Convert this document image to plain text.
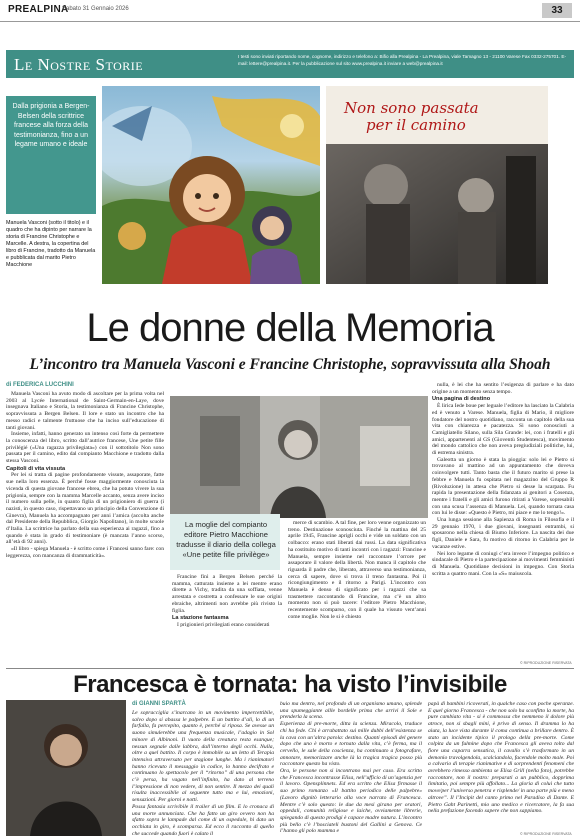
PREALPINA
Sabato 31 Gennaio 2026	33
Le Nostre Storie	I testi sono inviati riportando nome, cognome, indirizzo e telefono a: Bifio alla Prealpina - La Prealpina, viale Tamagno 13 - 21100 Varese Fax 0332-275701. E-mail: lettere@prealpina.it. Per la pubblicazione sul sito www.prealpina.it inviare a web@prealpina.it

Dalla prigionia a Bergen-Belsen della scrittrice francese alla forza della testimonianza, fino a un legame umano e ideale

Manuela Vasconi (sotto il titolo) e il quadro che ha dipinto per narrare la storia di Francine Christophe e Marcelle. A destra, la copertina del libro di Francine, tradotto da Manuela e pubblicata dal marito Pietro Macchione
Non sono passata
per il camino
Le donne della Memoria
L’incontro tra Manuela Vasconi e Francine Christophe, sopravvissuta alla Shoah
di FEDERICA LUCCHINI

Manuela Vasconi ha avuto modo di ascoltare per la prima volta nel 2003 al Lycée International de Saint-Germain-en-Laye, dove insegnava Italiano e Storia, la testimonianza di Francine Christophe, sopravvissuta a Bergen Belsen. Il lore e stato un incontro che ha messo radici e talmente fruttuose che ha inciso sull’educazione di tanti giovani.

Insieme, infatti, hanno generato un intenso così forte da permettere la conoscenza del libro, scritto dall’autrice francese, Une petite fille privilégié («Una ragazza privilegiata») con il sottotitolo Non sono passata per il camino, edito dal compianto Macchione e tradotto dalla stessa Vasconi.

Capitoli di vita vissuta

Per lei si tratta di pagine profondamente vissute, assaporate, fatte sue nella loro essenza. È perché fosse maggiormente conosciuta la vicenda di questa giovane francese ebrea, che ha potuto vivere la sua prigionia, sempre con la mamma Marcelle accanto, senza avere inciso il numero sulla pelle, in quanto figlia di un prigioniero di guerra (i nazisti, in questo caso, rispettavano un principio della Convenzione di Ginevra), Manuela ha accompagnato per anni l’amica (accolta anche dal Presidente della Repubblica, Giorgio Napolitano), in molte scuole d’Italia. La scrittrice ha parlato della sua esperienza ai ragazzi, fino a quando è stata in grado di testimoniare (è mancata l’anno scorso, all’età di 92 anni).

«Il libro - spiega Manuela - è scritto come i Francesi sanno fare: con leggerezza, con mancanza di drammaticità».

La moglie del compianto editore Pietro Macchione tradusse il diario della collega «Une petite fille privilège»

Francine finì a Bergen Belsen perché la mamma, catturata insieme a lei mentre erano dirette a Vichy, tradita da una soffiata, venne arrestata e costretta a confessare le sue origini ebraiche, altrimenti non avrebbe più rivisto la figlia.

La stazione fantasma

I prigionieri privilegiati erano considerati

merce di scambio. A tal fine, per loro venne organizzato un treno. Destinazione sconosciuta. Finché la mattina del 25 aprile 1945, Francine aprigli occhi e vide un soldato con un colbacco: erano stati liberati dai russi. La data significativa ha costituito motivo di tanti incontri con i ragazzi: Francine e Manuela, sempre insieme nel raccontare l’orrore per assaporare il valore della libertà. Non manca il capitolo che riguarda il padre che, liberato, attraverso una testimonianza, cerca di sapere, dove si trova il treno fantasma. Poi il ricongiungimento e il ritorno a Parigi. L’incontro con Manuela è denso di significato per i ragazzi che sa trasmettere raccontando di Francine, ma c’è un altro momento non si può tacere: l’editore Pietro Macchione, recentemente scomparso, con il quale ha vissuto vent’anni come moglie. Non le si è chiesto

nulla, è lei che ha sentito l’esigenza di parlare e ha dato origine a un momento senza tempo.

Una pagina di destino

È lirica Iede boue per leguale l’editore ha lasciato la Calabria ed è venuto a Varese. Manuela, figlia di Mario, il migliore fondatore del nostro quotidiano, racconta un capitolo della sua vita con chiarezza e pacatezza. Si sono conosciuti a Camigliatello Silano, sulla Sila Grande: lei, con i fratelli e gli amici, appartenenti al GS (Gioventù Studentesca), movimento del mondo cattolico che non aveva pregiudiziali politiche, lui, di estrema sinistra.

Galeotta un giorno è stata la pioggia: solo lei e Pietro si trovavano al mattino ad un appuntamento che doveva coinvolgere tutti. Tanto basta che il futuro marito si prese la febbre e Manuela fu ospitata nel magazzino del Gruppo R (Rivoluzione) in attesa che Pietro si desse la scarpata. Fu rapida la presentazione della fidanzata ai genitori a Cosenza, mentre i fratelli e gli amici furono ritirati a Varese, sopresabili con una scusa l’assenza di Manuela. Lei, quando tornata casa con lui le disse: «Questo è Pietro, mi piace e me lo tengo!».

Una lunga sessione alla Sapienza di Roma in Filosofia e il 29 gennaio 1970, i due giovani, insegnanti entrambi, si sposarono nella chiesa di Biumo Inferiore. La nascita dei due figli, Daniele e Sara, fu motivo di ritorno in Calabria per le vacanze estive.

Nei loro legame di coniugi c’era invece l’impegno politico e sindacale di Pietro e la partecipazione ai movimenti femministi di Manuela. Quotidiane decisioni in impegno. Con Storia scritta a quattro mani. Con la «S» maiuscola.

© RIPRODUZIONE RISERVATA
Francesca è tornata: ha visto l’invisibile
di GIANNI SPARTÀ

Le sopracciglia s’inarcano in un movimento impercettibile, salvo dopo si abassa le palpebre. E un battito d’ali, lo di un farfalla, fa percepito, quanto è, perché si riposa. Se avesse un suono simulerebbe una frequenza musicale, l’adagio in Sol minore di Albinoni. Il vuoto della creatura resta esanque; nessun segnale dalle labbra, dall’interno degli occhi. Nulla, oltre a quel battito. Il corpo è immobile su un letto di Terapia intensiva attraversato per stagione lunghe. Ma i rianimatori hanno ricevuto il messaggio in codice, lo hanno decifrato e continuano lo spettacolo per il “ritorno” di una persona che c’è persa, ha vagato nell’infinito, ha dato al terreno l’impressione di non vedere, di non sentire. Il mezzo dei quali risulta inaccessibile al seguente tutto ma e lui, emozioni, sensazioni. Per giorni e notti.

Possa fantasia scrivibile il trailer di un film. E lo cronaca di una morte annunciata. Che ha fatto un giro ovvero non ha sfatto sopra le lampade dal come di un ospedale, hi dato un occhiata in giro, è scomparsa. Ed ecco il racconto di quello che succede quando fuori è calato il

buio ma dentro, nel profondo di un organismo umano, splende una spumeggiante allle bordelle prima che arrivi il Sole e prenderla la scena.

Esperienza di pre-morte, ditta la scienza. Miracolo, traduce chi ha fede. Chi è arrabattato sui mille dubbi dell’esistenza se la cava con un’altra parola: destino. Quanti episodi del genere dopo che uno è morto e tornato dalla vita, c’è ferma, ma il cervello, le sale della coscienza, ha continuato a fotografare, annotare, memorizzare anche là la tragica tragica posso più raccontare questo ha visto.

Ora, le persone non si incontrano mai per caso. Era scritto che Francesca incontrasse Elisa, nell’ufficio di un’agenzia per il lavoro. Opensplinnets. Ed era scritto che Elisa firmasse il suo primo romanzo «Il battito periodico delle palpebre» (Lavoro dignitò letterario alla voce narrato di Francesca. Mentre c’è solo questo: le due da mesi girano per oratori, oppedali, comunità religiose e laiche, ovviamente librerie, spiegando di questo prodigi è capace madre natura. L’incontro più bello c’è l’hosciateli bustoni del Gallini a Genova. Ce l’hanno gli polo mamma e

papà di bambini ricoverati, in qualche caso con poche speranze. E quel giorno Francesca - che non solo ha sconfitto la morte, ha pure cambiato vita - si è commossa che nemmeno il dolore più atroce, non si sbagli mini, è privo di senso. Il dramma lo ha aiuta, la luce vista durante il coma continua a brillare dentro. È stato un incidente tipico il prologo della pre-morte. Come colpita da un fulmine dopo che Francesca gli aveva tolto dal fiore una caparra sensatica, il cavallo s’è trasformato in un demonio travolgendola, scalciandola, facendole molto male. Poi a calvario di terapie rianimative e di sorprendenti fenomeni che avrebbero rimesso ambienta se Elisa Grill (nella foto), potrebbe raccontare, non il nostro: preparati a un pubblico, dopprima limitatio, poi sempre più affollato... La gloria di colui che tutto move/per l’universo penetra e risplende/ in una parte più e meno altrove”. Il l’Incipit del canto primo nel Paradiso di Dante. E Pietro Gaht Parinetti, mio uno medico e ricercatore, la fa sua nella prefazione facendo sapere che non sappiamo.

© RIPRODUZIONE RISERVATA
